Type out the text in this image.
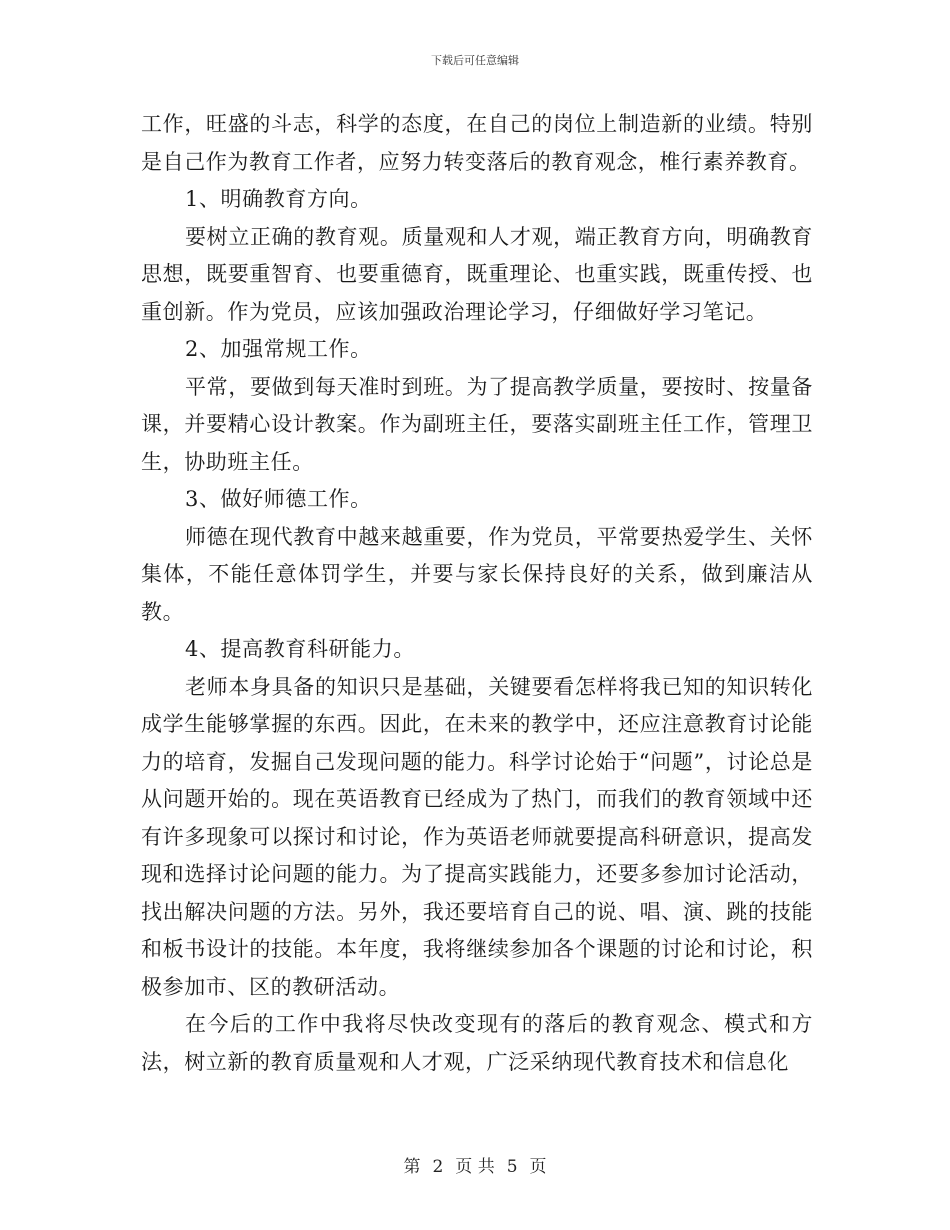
下载后可任意编辑

工作，旺盛的斗志，科学的态度，在自己的岗位上制造新的业绩。特别是自己作为教育工作者，应努力转变落后的教育观念，椎行素养教育。

1、明确教育方向。

要树立正确的教育观。质量观和人才观，端正教育方向，明确教育思想，既要重智育、也要重德育，既重理论、也重实践，既重传授、也重创新。作为党员，应该加强政治理论学习，仔细做好学习笔记。

2、加强常规工作。

平常，要做到每天准时到班。为了提高教学质量，要按时、按量备课，并要精心设计教案。作为副班主任，要落实副班主任工作，管理卫生，协助班主任。

3、做好师德工作。

师德在现代教育中越来越重要，作为党员，平常要热爱学生、关怀集体，不能任意体罚学生，并要与家长保持良好的关系，做到廉洁从教。

4、提高教育科研能力。

老师本身具备的知识只是基础，关键要看怎样将我已知的知识转化成学生能够掌握的东西。因此，在未来的教学中，还应注意教育讨论能力的培育，发掘自己发现问题的能力。科学讨论始于“问题”，讨论总是从问题开始的。现在英语教育已经成为了热门，而我们的教育领域中还有许多现象可以探讨和讨论，作为英语老师就要提高科研意识，提高发现和选择讨论问题的能力。为了提高实践能力，还要多参加讨论活动，找出解决问题的方法。另外，我还要培育自己的说、唱、演、跳的技能和板书设计的技能。本年度，我将继续参加各个课题的讨论和讨论，积极参加市、区的教研活动。

在今后的工作中我将尽快改变现有的落后的教育观念、模式和方法，树立新的教育质量观和人才观，广泛采纳现代教育技术和信息化

第 2 页 共 5 页
